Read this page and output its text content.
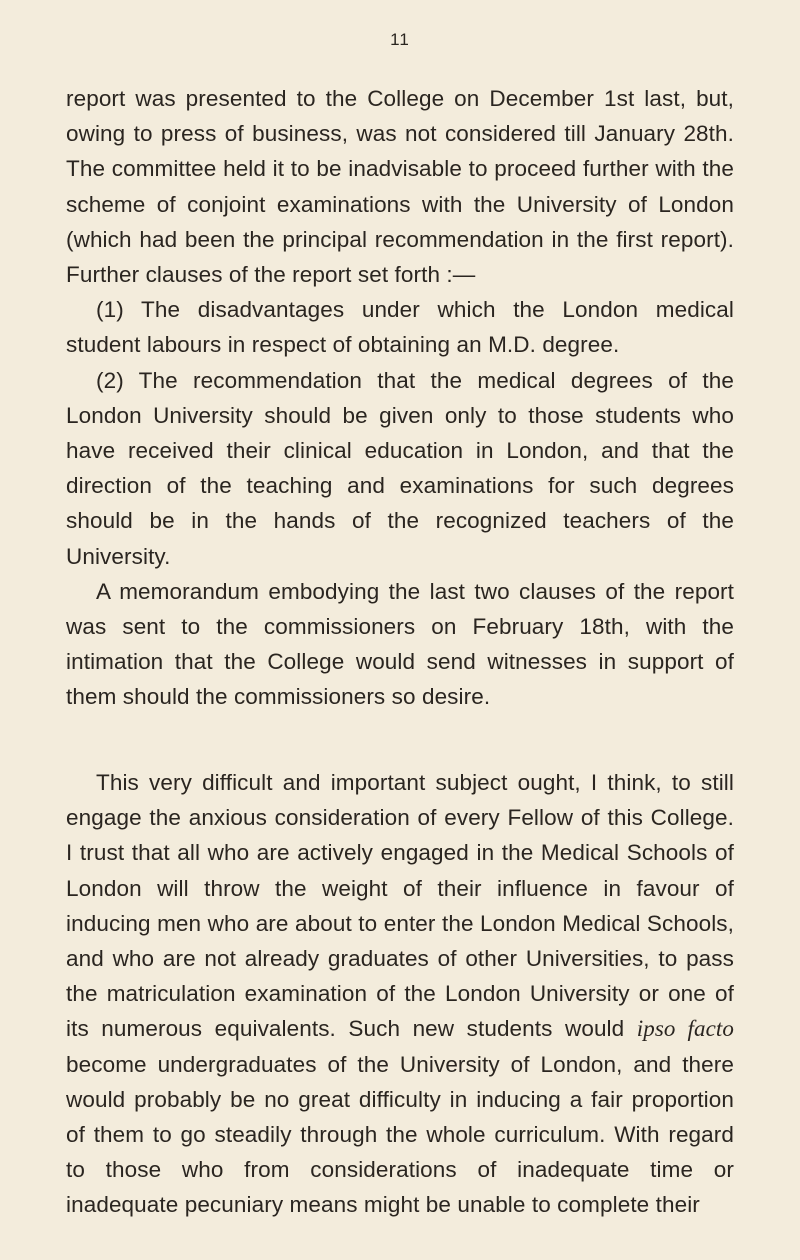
11

report was presented to the College on December 1st last, but, owing to press of business, was not considered till January 28th. The committee held it to be inadvisable to proceed further with the scheme of conjoint examinations with the University of London (which had been the principal recommendation in the first report). Further clauses of the report set forth :—

(1) The disadvantages under which the London medical student labours in respect of obtaining an M.D. degree.

(2) The recommendation that the medical degrees of the London University should be given only to those students who have received their clinical education in London, and that the direction of the teaching and examinations for such degrees should be in the hands of the recognized teachers of the University.

A memorandum embodying the last two clauses of the report was sent to the commissioners on February 18th, with the intimation that the College would send witnesses in support of them should the commissioners so desire.

This very difficult and important subject ought, I think, to still engage the anxious consideration of every Fellow of this College. I trust that all who are actively engaged in the Medical Schools of London will throw the weight of their influence in favour of inducing men who are about to enter the London Medical Schools, and who are not already graduates of other Universities, to pass the matriculation examination of the London University or one of its numerous equivalents. Such new students would ipso facto become undergraduates of the University of London, and there would probably be no great difficulty in inducing a fair proportion of them to go steadily through the whole curriculum. With regard to those who from considerations of inadequate time or inadequate pecuniary means might be unable to complete their
